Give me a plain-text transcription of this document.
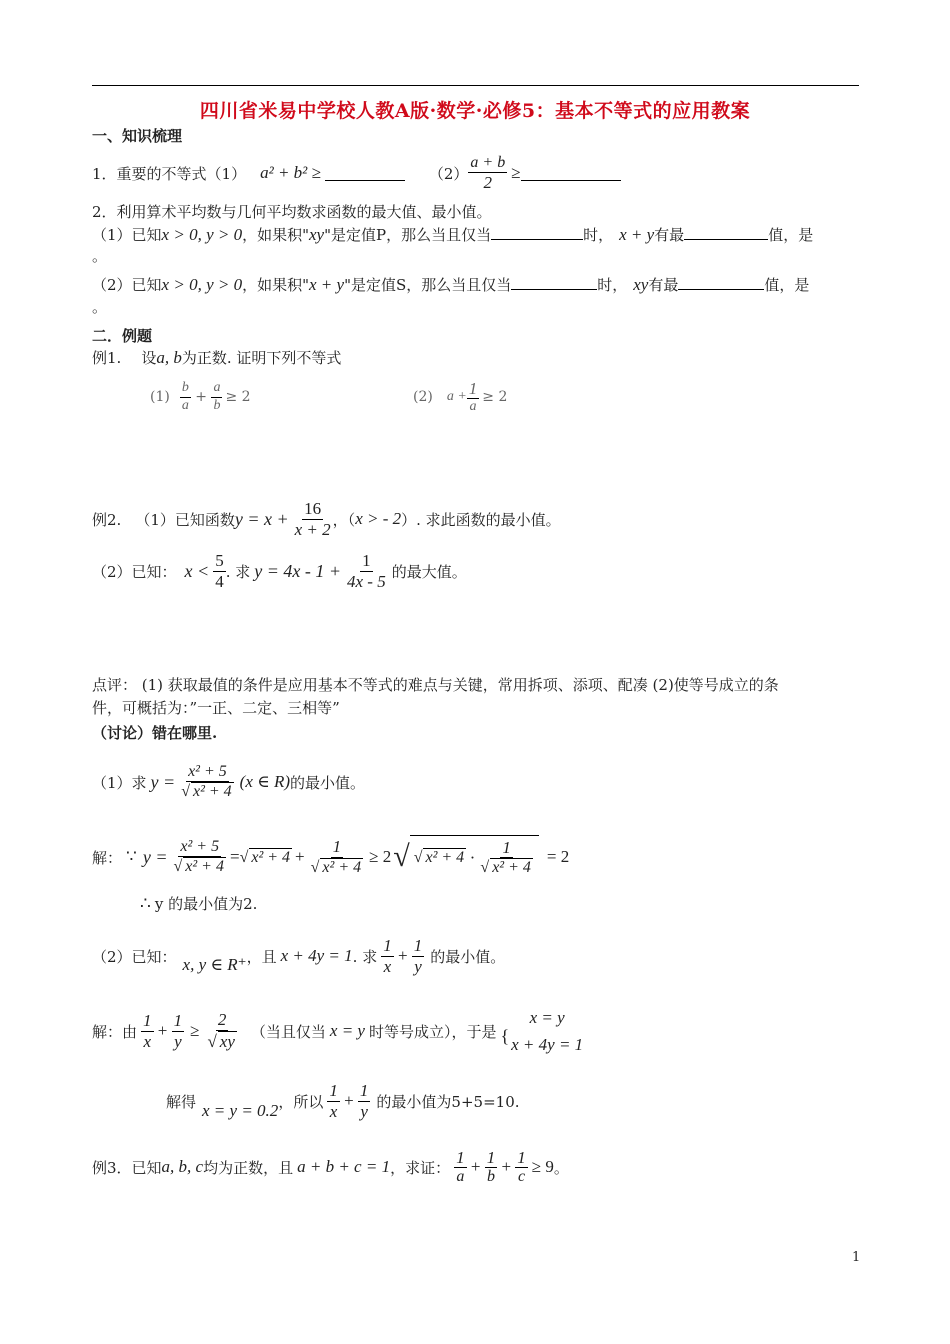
四川省米易中学校人教A版·数学·必修5：基本不等式的应用教案
一、知识梳理
1．重要的不等式（1） a² + b² ≥	$(2) \frac{a + b}{2}$ ≥
2．利用算术平均数与几何平均数求函数的最大值、最小值。
（1）已知 x > 0, y > 0 ，如果积" xy "是定值P，那么当且仅当	时， x + y 有最	值，是
。
（2）已知 x > 0, y > 0 ，如果积" x + y "是定值S，那么当且仅当	时， xy 有最	值，是
。
二．例题
例1. 设 a, b 为正数. 证明下列不等式
$(1) \frac{b}{a} + \frac{a}{b} \ge 2$	(2) $a + \frac{1}{a} \ge 2$
例2. （1）已知函数 $y = x + \frac{16}{x + 2}$ ，（ x > - 2 ）. 求此函数的最小值。
（2）已知： $x < \frac{5}{4}$ . 求 $y = 4x - 1 + \frac{1}{4x - 5}$ 的最大值。
点评： (1) 获取最值的条件是应用基本不等式的难点与关键，常用拆项、添项、配凑 (2)使等号成立的条
件，可概括为：”一正、二定、三相等”
（讨论）错在哪里.
（1）求 $y = \frac{\text{x² + 5}}{\text{√ x² + 4}} (x$ ∈ R) 的最小值。
解： ∵ $y = \frac{\text{x² + 5}}{\text{√ x² + 4}}$ = √ $x^2 + 4 + \frac{1}{\text{√ x² + 4}} \ge 2$ √ √ $x^2 + 4 \cdot \frac{1}{\text{√ x² + 4}} = 2$
∴ y 的最小值为2.
（2）已知： x, y ∈ R⁺ ，且 x + 4y = 1 . 求 $\frac{1}{x} + \frac{1}{y}$ 的最小值。
解：由 $\frac{1}{x} + \frac{1}{y} \ge \frac{2}{√ xy}$ （当且仅当 x = y 时等号成立），于是 {
x = y
x + 4y = 1
解得 x = y = 0.2 ，所以 $\frac{1}{x} + \frac{1}{y}$ 的最小值为5+5=10.
例3．已知 a, b, c 均为正数，且 a + b + c = 1 ，求证： $\frac{1}{a} + \frac{1}{b} + \frac{1}{c} \ge 9$ 。
1
